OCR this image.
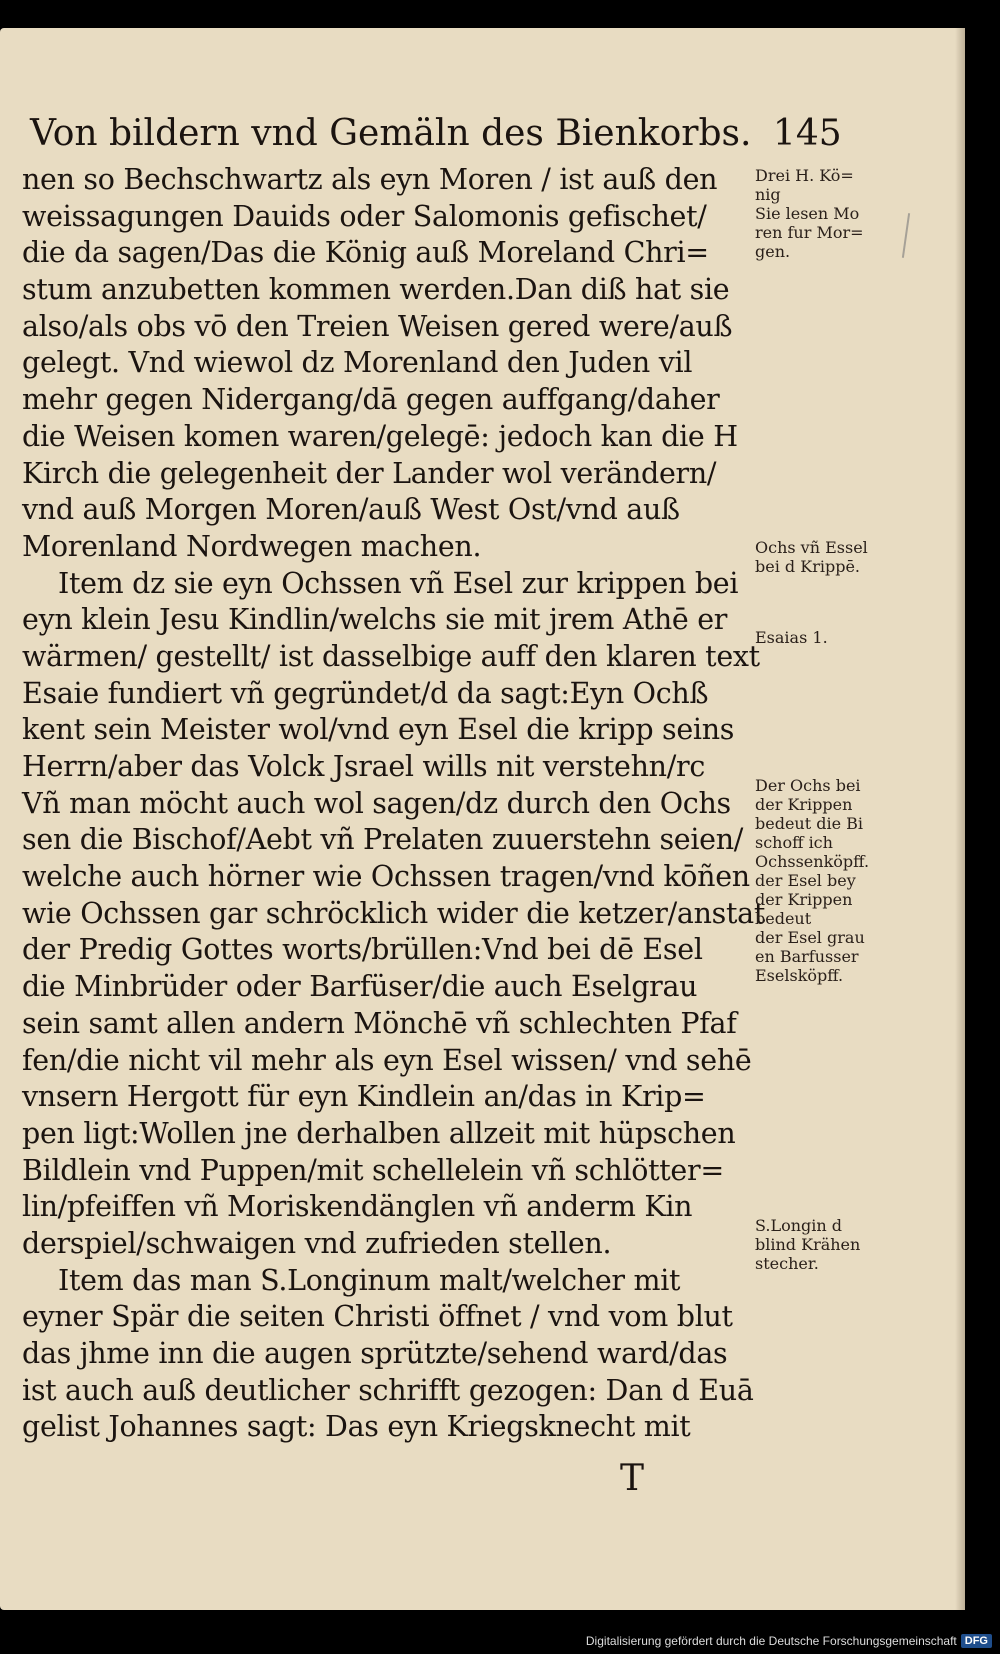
Von bildern vnd Gemäln des Bienkorbs. 145
nen so Bechschwartz als eyn Moren / ist auß den
weissagungen Dauids oder Salomonis gefischet/
die da sagen/Das die König auß Moreland Chri=
stum anzubetten kommen werden.Dan diß hat sie
also/als obs vō den Treien Weisen gered were/auß
gelegt. Vnd wiewol dz Morenland den Juden vil
mehr gegen Nidergang/dā gegen auffgang/daher
die Weisen komen waren/gelegē: jedoch kan die H
Kirch die gelegenheit der Lander wol verändern/
vnd auß Morgen Moren/auß West Ost/vnd auß
Morenland Nordwegen machen.
Item dz sie eyn Ochssen vñ Esel zur krippen bei
eyn klein Jesu Kindlin/welchs sie mit jrem Athē er
wärmen/ gestellt/ ist dasselbige auff den klaren text
Esaie fundiert vñ gegründet/d da sagt:Eyn Ochß
kent sein Meister wol/vnd eyn Esel die kripp seins
Herrn/aber das Volck Jsrael wills nit verstehn/rc
Vñ man möcht auch wol sagen/dz durch den Ochs
sen die Bischof/Aebt vñ Prelaten zuuerstehn seien/
welche auch hörner wie Ochssen tragen/vnd kōñen
wie Ochssen gar schröcklich wider die ketzer/anstat
der Predig Gottes worts/brüllen:Vnd bei dē Esel
die Minbrüder oder Barfüser/die auch Eselgrau
sein samt allen andern Mönchē vñ schlechten Pfaf
fen/die nicht vil mehr als eyn Esel wissen/ vnd sehē
vnsern Hergott für eyn Kindlein an/das in Krip=
pen ligt:Wollen jne derhalben allzeit mit hüpschen
Bildlein vnd Puppen/mit schellelein vñ schlötter=
lin/pfeiffen vñ Moriskendänglen vñ anderm Kin
derspiel/schwaigen vnd zufrieden stellen.
Item das man S.Longinum malt/welcher mit
eyner Spär die seiten Christi öffnet / vnd vom blut
das jhme inn die augen sprützte/sehend ward/das
ist auch auß deutlicher schrifft gezogen: Dan d Euā
gelist Johannes sagt: Das eyn Kriegsknecht mit
Drei H. Kö=
nig
Sie lesen Mo
ren fur Mor=
gen.
Ochs vñ Essel
bei d Krippē.
Esaias 1.
Der Ochs bei
der Krippen
bedeut die Bi
schoff ich
Ochssenköpff.
der Esel bey
der Krippen
bedeut
der Esel grau
en Barfusser
Eselsköpff.
S.Longin d
blind Krähen
stecher.
T
Digitalisierung gefördert durch die Deutsche Forschungsgemeinschaft DFG
